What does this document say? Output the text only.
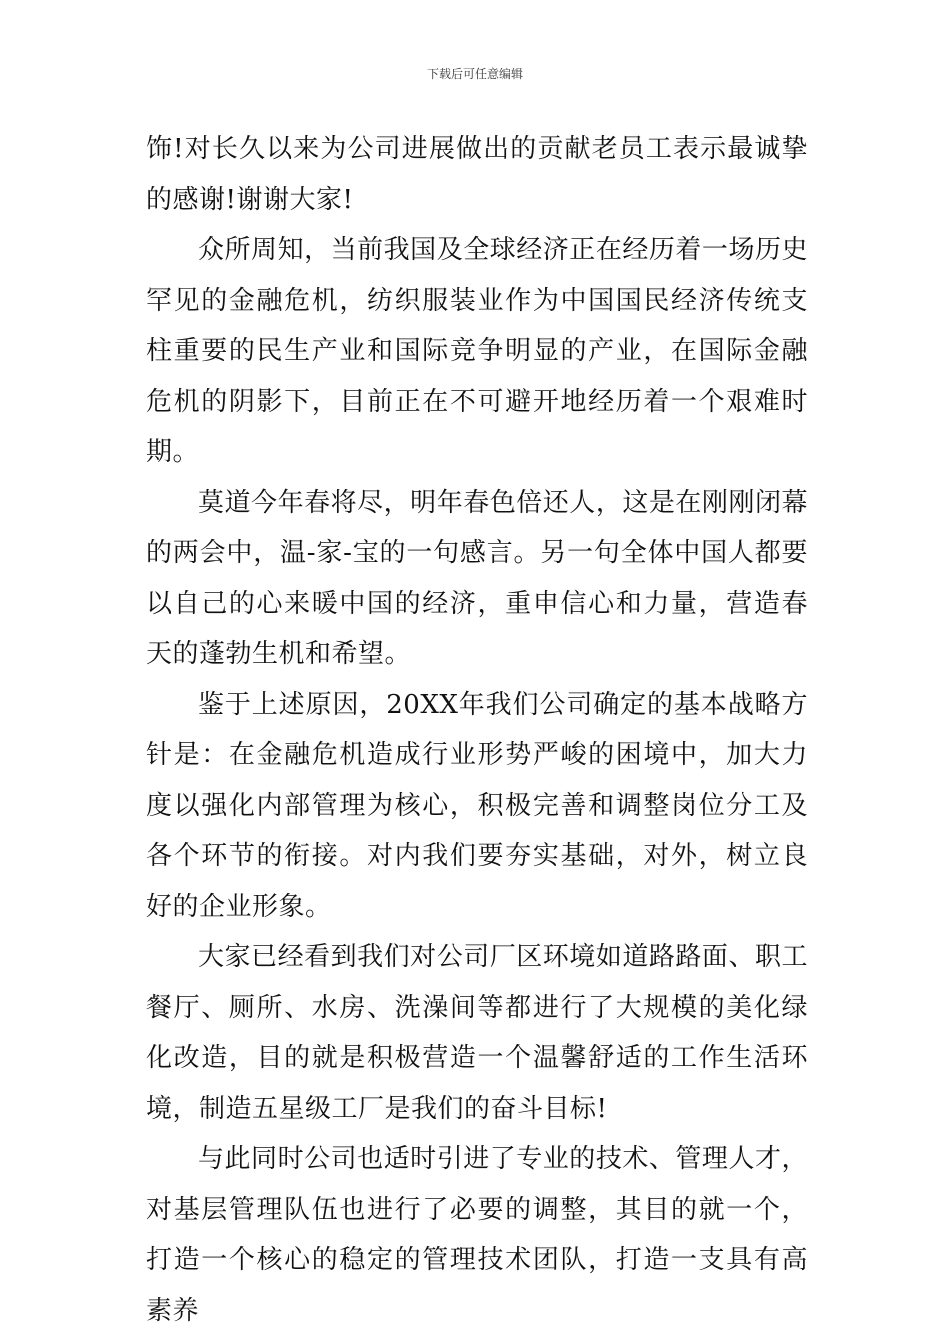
下载后可任意编辑

饰!对长久以来为公司进展做出的贡献老员工表示最诚挚的感谢!谢谢大家!

众所周知，当前我国及全球经济正在经历着一场历史罕见的金融危机，纺织服装业作为中国国民经济传统支柱重要的民生产业和国际竞争明显的产业，在国际金融危机的阴影下，目前正在不可避开地经历着一个艰难时期。

莫道今年春将尽，明年春色倍还人，这是在刚刚闭幕的两会中，温-家-宝的一句感言。另一句全体中国人都要以自己的心来暖中国的经济，重申信心和力量，营造春天的蓬勃生机和希望。

鉴于上述原因，20XX年我们公司确定的基本战略方针是：在金融危机造成行业形势严峻的困境中，加大力度以强化内部管理为核心，积极完善和调整岗位分工及各个环节的衔接。对内我们要夯实基础，对外，树立良好的企业形象。

大家已经看到我们对公司厂区环境如道路路面、职工餐厅、厕所、水房、洗澡间等都进行了大规模的美化绿化改造，目的就是积极营造一个温馨舒适的工作生活环境，制造五星级工厂是我们的奋斗目标!

与此同时公司也适时引进了专业的技术、管理人才，对基层管理队伍也进行了必要的调整，其目的就一个，打造一个核心的稳定的管理技术团队，打造一支具有高素养
